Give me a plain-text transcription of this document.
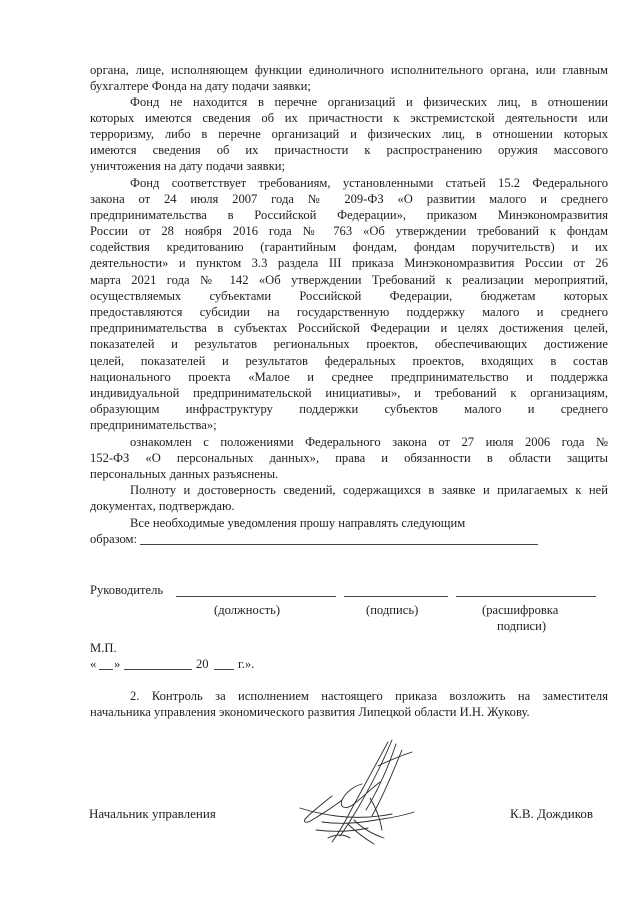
органа, лице, исполняющем функции единоличного исполнительного органа, или главным
бухгалтере Фонда на дату подачи заявки;
Фонд не находится в перечне организаций и физических лиц, в отношении
которых имеются сведения об их причастности к экстремистской деятельности или
терроризму, либо в перечне организаций и физических лиц, в отношении которых
имеются сведения об их причастности к распространению оружия массового
уничтожения на дату подачи заявки;
Фонд соответствует требованиям, установленными статьей 15.2 Федерального
закона от 24 июля 2007 года № 209-ФЗ «О развитии малого и среднего
предпринимательства в Российской Федерации», приказом Минэкономразвития
России от 28 ноября 2016 года № 763 «Об утверждении требований к фондам
содействия кредитованию (гарантийным фондам, фондам поручительств) и их
деятельности» и пунктом 3.3 раздела III приказа Минэкономразвития России от 26
марта 2021 года № 142 «Об утверждении Требований к реализации мероприятий,
осуществляемых субъектами Российской Федерации, бюджетам которых
предоставляются субсидии на государственную поддержку малого и среднего
предпринимательства в субъектах Российской Федерации и целях достижения целей,
показателей и результатов региональных проектов, обеспечивающих достижение
целей, показателей и результатов федеральных проектов, входящих в состав
национального проекта «Малое и среднее предпринимательство и поддержка
индивидуальной предпринимательской инициативы», и требований к организациям,
образующим инфраструктуру поддержки субъектов малого и среднего
предпринимательства»;
ознакомлен с положениями Федерального закона от 27 июля 2006 года №
152-ФЗ «О персональных данных», права и обязанности в области защиты
персональных данных разъяснены.
Полноту и достоверность сведений, содержащихся в заявке и прилагаемых к ней
документах, подтверждаю.
Все необходимые уведомления прошу направлять следующим
образом:
Руководитель
(должность)	(подпись)	(расшифровка
подписи)
М.П.
« »	20 г.».
2. Контроль за исполнением настоящего приказа возложить на заместителя
начальника управления экономического развития Липецкой области И.Н. Жукову.
Начальник управления	К.В. Дождиков
